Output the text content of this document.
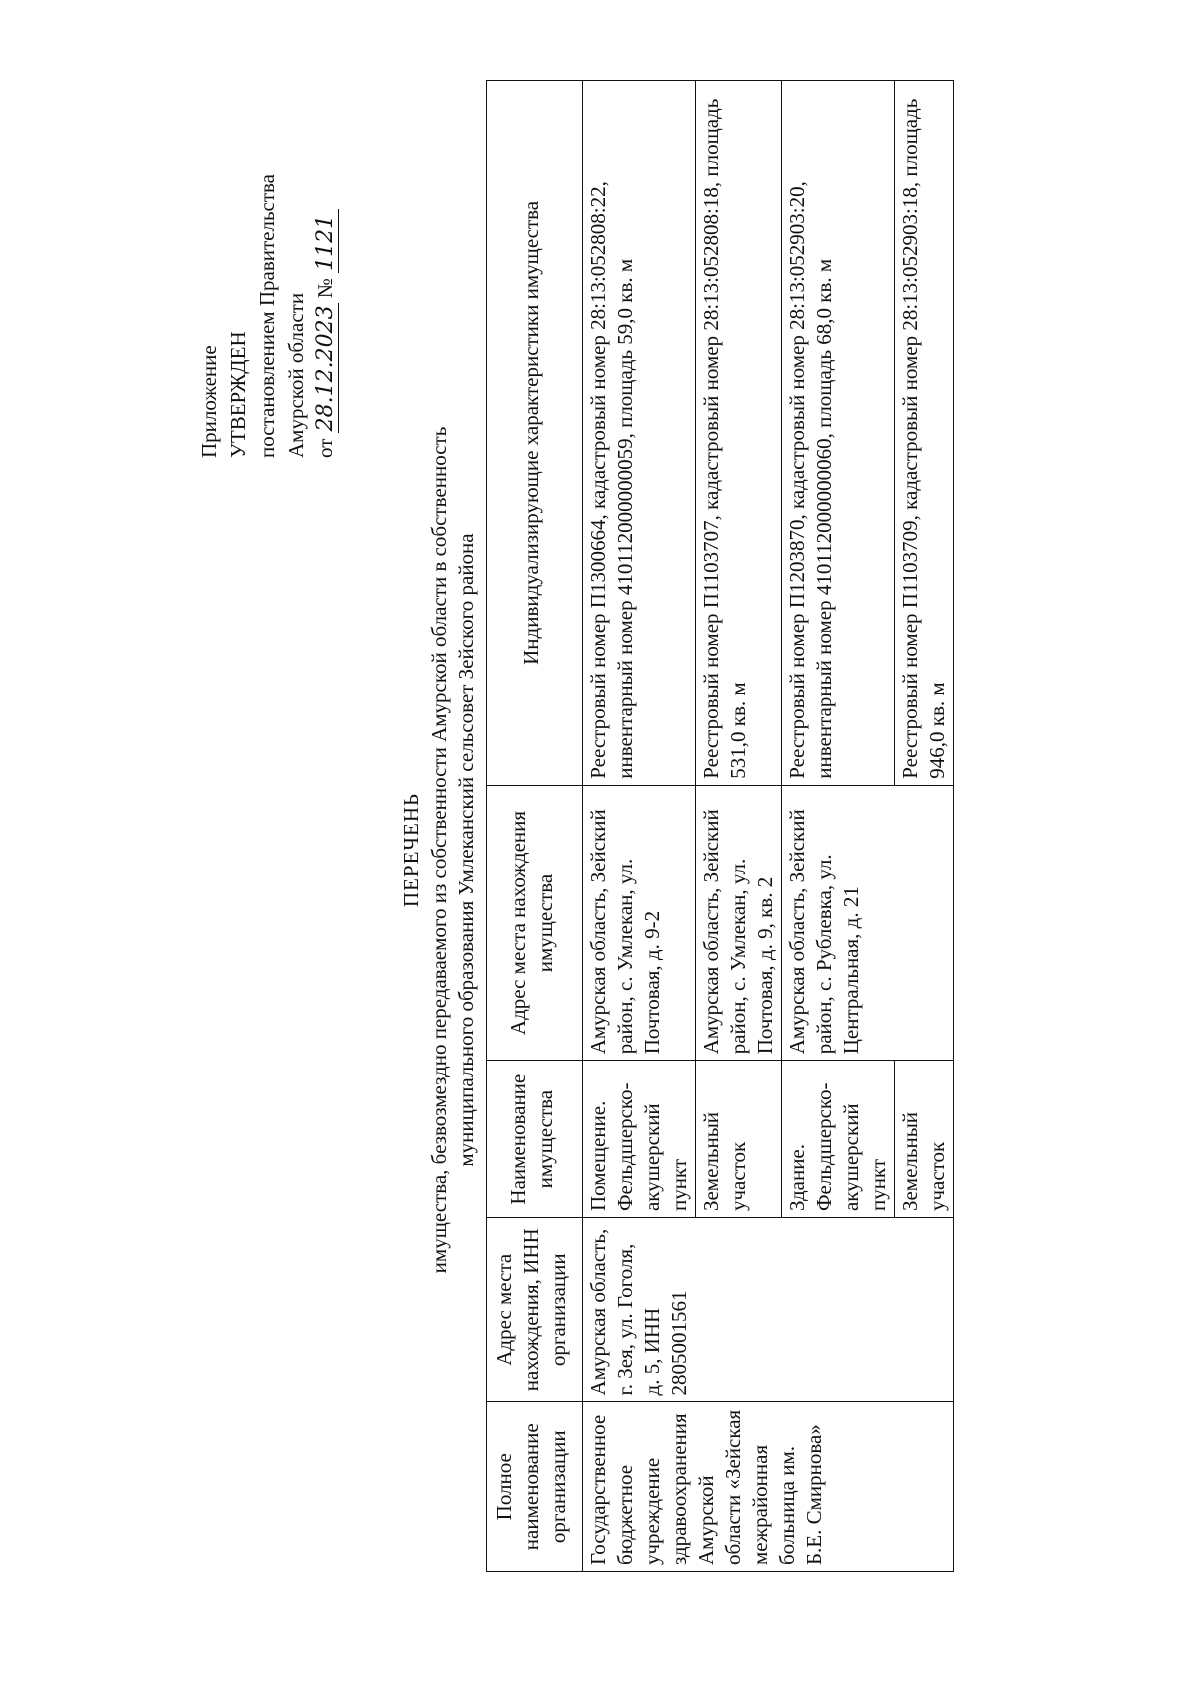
Приложение УТВЕРЖДЕН постановлением Правительства Амурской области от 28.12.2023 № 1121
ПЕРЕЧЕНЬ имущества, безвозмездно передаваемого из собственности Амурской области в собственность муниципального образования Умлеканский сельсовет Зейского района
Полное наименование организации	Адрес места нахождения, ИНН организации	Наименование имущества	Адрес места нахождения имущества	Индивидуализирующие характеристики имущества
Государственное бюджетное учреждение здравоохранения Амурской области «Зейская межрайонная больница им. Б.Е. Смирнова»	Амурская область, г. Зея, ул. Гоголя, д. 5, ИНН 2805001561	Помещение. Фельдшерско-акушерский пункт	Амурская область, Зейский район, с. Умлекан, ул. Почтовая, д. 9-2	Реестровый номер П1300664, кадастровый номер 28:13:052808:22, инвентарный номер 410112000000059, площадь 59,0 кв. м
		Земельный участок	Амурская область, Зейский район, с. Умлекан, ул. Почтовая, д. 9, кв. 2	Реестровый номер П1103707, кадастровый номер 28:13:052808:18, площадь 531,0 кв. м
		Здание. Фельдшерско-акушерский пункт	Амурская область, Зейский район, с. Рублевка, ул. Центральная, д. 21	Реестровый номер П1203870, кадастровый номер 28:13:052903:20, инвентарный номер 410112000000060, площадь 68,0 кв. м
		Земельный участок		Реестровый номер П1103709, кадастровый номер 28:13:052903:18, площадь 946,0 кв. м
